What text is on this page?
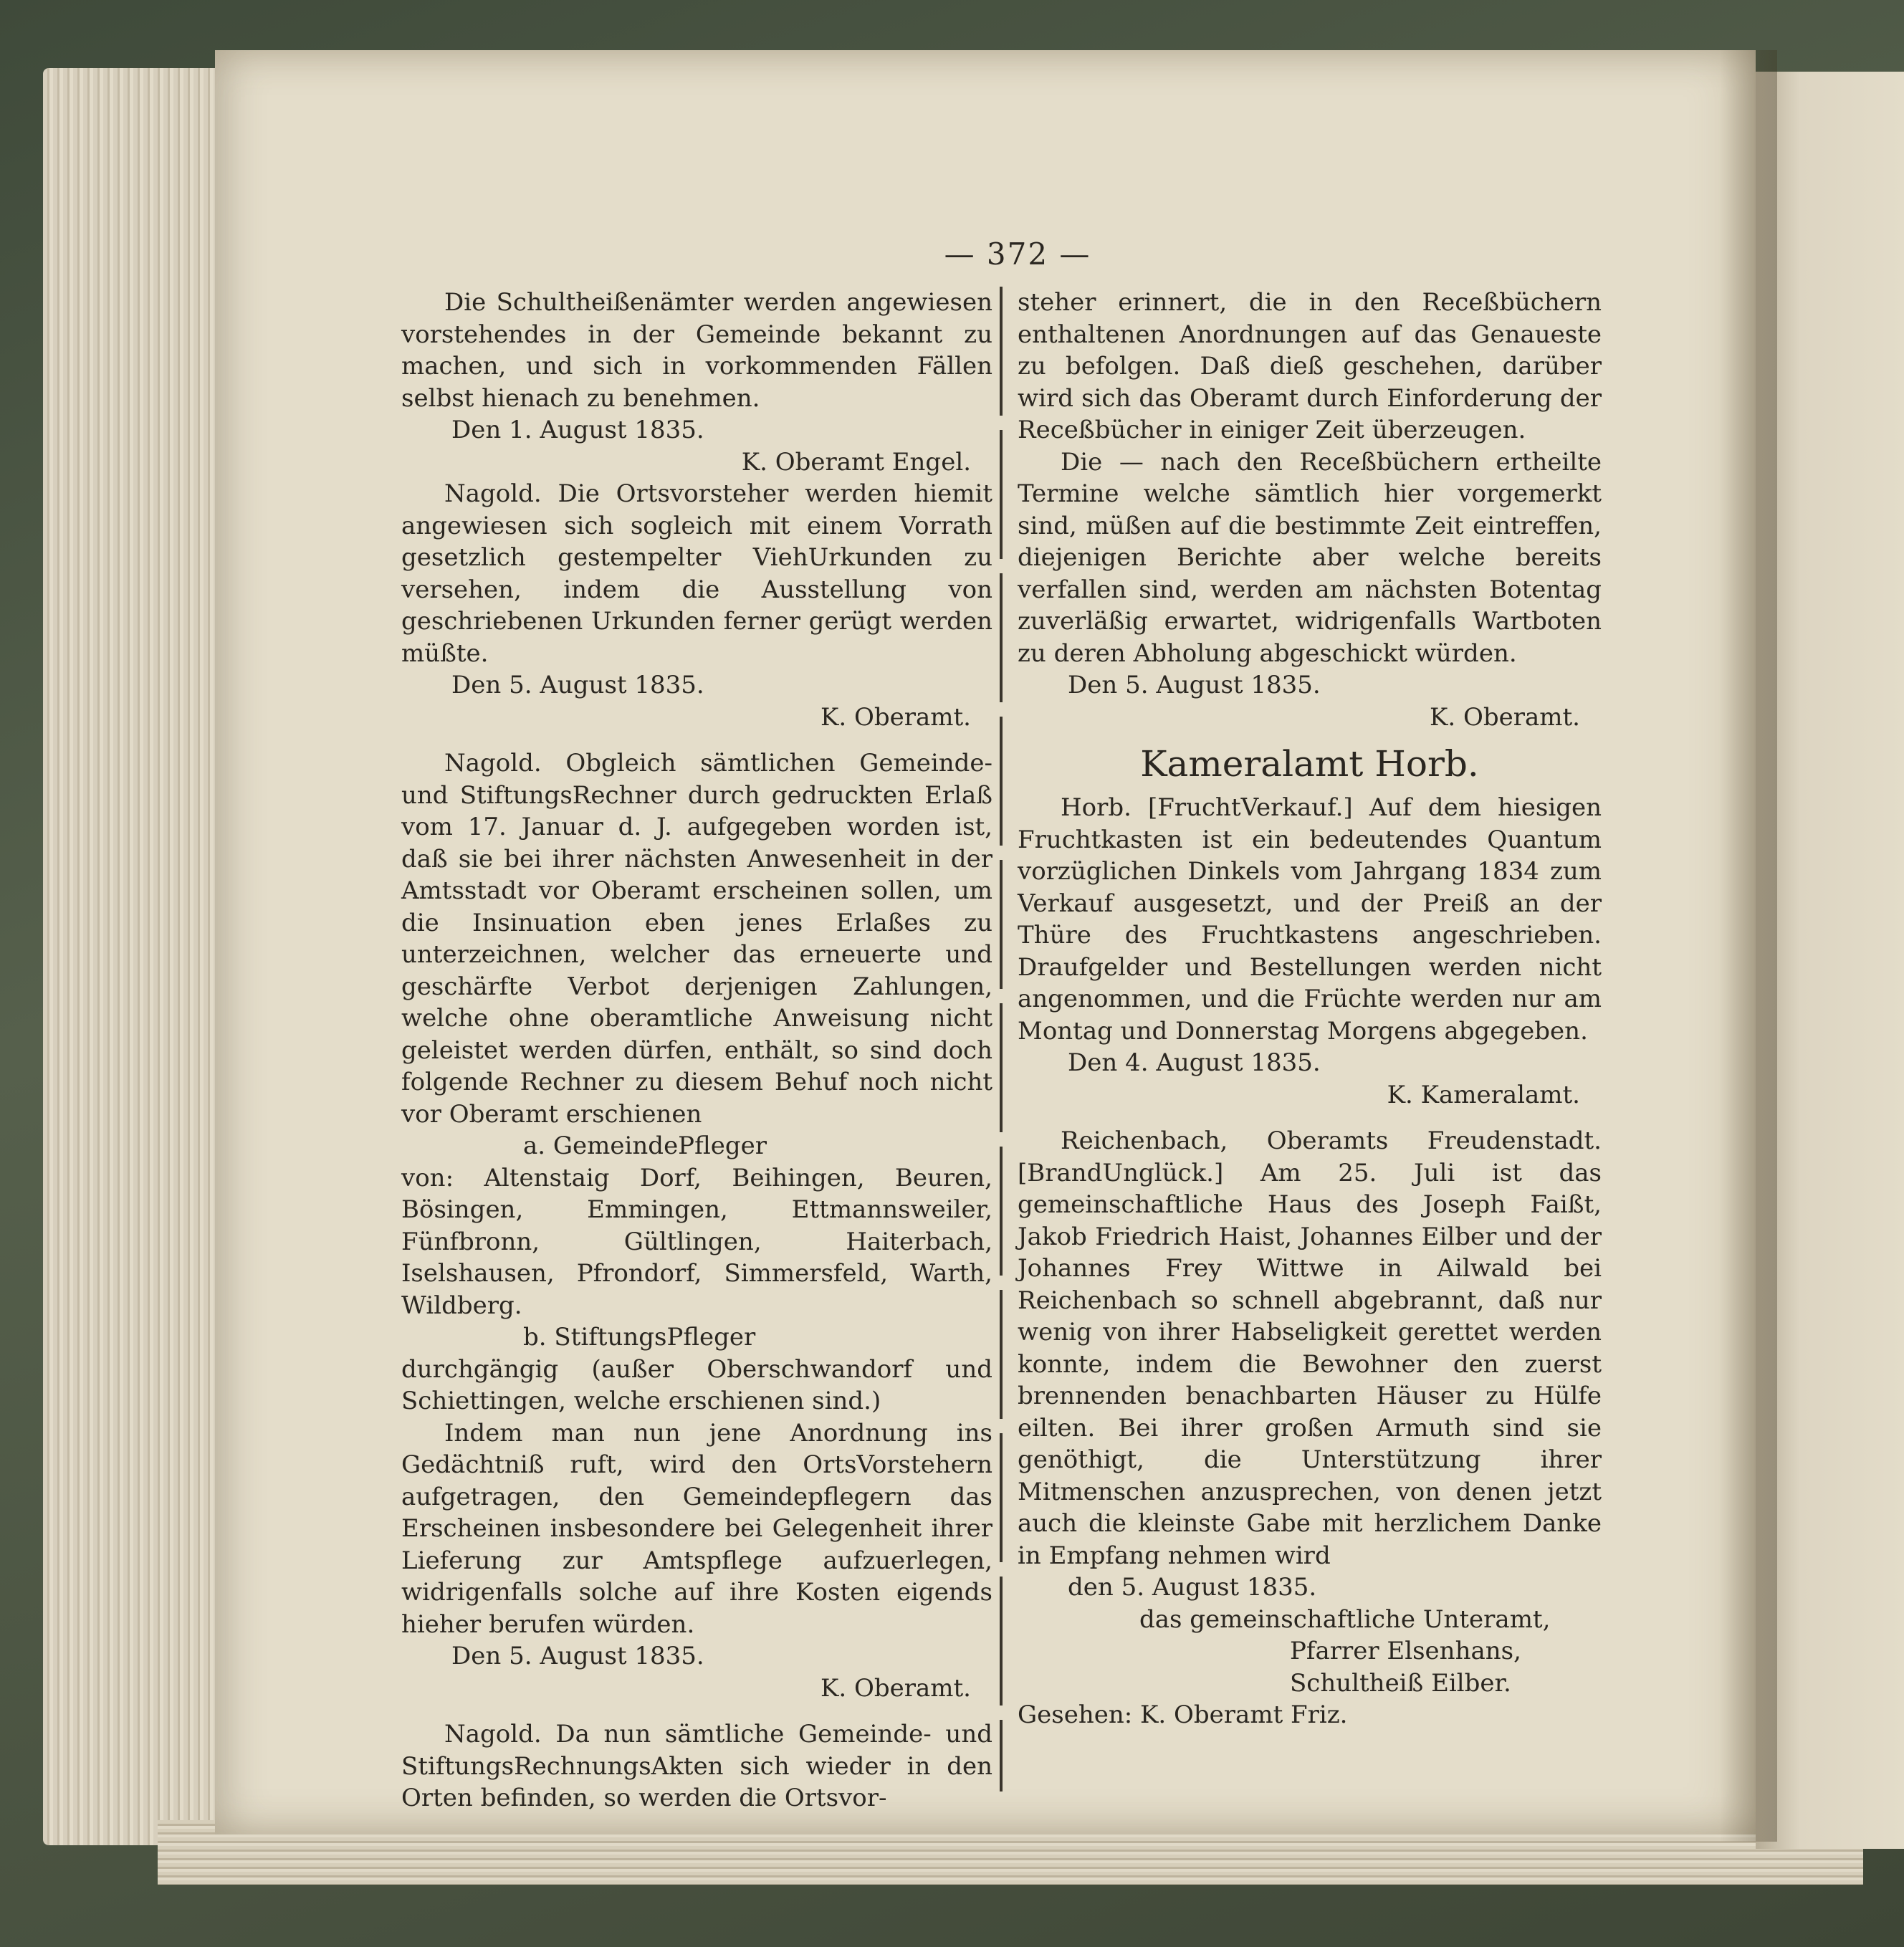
— 372 —

Die Schultheißenämter werden angewiesen vorstehendes in der Gemeinde bekannt zu machen, und sich in vorkommenden Fällen selbst hienach zu benehmen.

Den 1. August 1835.

K. Oberamt Engel.

Nagold. Die Ortsvorsteher werden hiemit angewiesen sich sogleich mit einem Vorrath gesetzlich gestempelter ViehUrkunden zu versehen, indem die Ausstellung von geschriebenen Urkunden ferner gerügt werden müßte.

Den 5. August 1835.

K. Oberamt.

Nagold. Obgleich sämtlichen Gemeinde- und StiftungsRechner durch gedruckten Erlaß vom 17. Januar d. J. aufgegeben worden ist, daß sie bei ihrer nächsten Anwesenheit in der Amtsstadt vor Oberamt erscheinen sollen, um die Insinuation eben jenes Erlaßes zu unterzeichnen, welcher das erneuerte und geschärfte Verbot derjenigen Zahlungen, welche ohne oberamtliche Anweisung nicht geleistet werden dürfen, enthält, so sind doch folgende Rechner zu diesem Behuf noch nicht vor Oberamt erschienen

a. GemeindePfleger

von: Altenstaig Dorf, Beihingen, Beuren, Bösingen, Emmingen, Ettmannsweiler, Fünfbronn, Gültlingen, Haiterbach, Iselshausen, Pfrondorf, Simmersfeld, Warth, Wildberg.

b. StiftungsPfleger

durchgängig (außer Oberschwandorf und Schiettingen, welche erschienen sind.)

Indem man nun jene Anordnung ins Gedächtniß ruft, wird den OrtsVorstehern aufgetragen, den Gemeindepflegern das Erscheinen insbesondere bei Gelegenheit ihrer Lieferung zur Amtspflege aufzuerlegen, widrigenfalls solche auf ihre Kosten eigends hieher berufen würden.

Den 5. August 1835.

K. Oberamt.

Nagold. Da nun sämtliche Gemeinde- und StiftungsRechnungsAkten sich wieder in den Orten befinden, so werden die Ortsvor-

steher erinnert, die in den Receßbüchern enthaltenen Anordnungen auf das Genaueste zu befolgen. Daß dieß geschehen, darüber wird sich das Oberamt durch Einforderung der Receßbücher in einiger Zeit überzeugen.

Die — nach den Receßbüchern ertheilte Termine welche sämtlich hier vorgemerkt sind, müßen auf die bestimmte Zeit eintreffen, diejenigen Berichte aber welche bereits verfallen sind, werden am nächsten Botentag zuverläßig erwartet, widrigenfalls Wartboten zu deren Abholung abgeschickt würden.

Den 5. August 1835.

K. Oberamt.

Kameralamt Horb.

Horb. [FruchtVerkauf.] Auf dem hiesigen Fruchtkasten ist ein bedeutendes Quantum vorzüglichen Dinkels vom Jahrgang 1834 zum Verkauf ausgesetzt, und der Preiß an der Thüre des Fruchtkastens angeschrieben. Draufgelder und Bestellungen werden nicht angenommen, und die Früchte werden nur am Montag und Donnerstag Morgens abgegeben.

Den 4. August 1835.

K. Kameralamt.

Reichenbach, Oberamts Freudenstadt. [BrandUnglück.] Am 25. Juli ist das gemeinschaftliche Haus des Joseph Faißt, Jakob Friedrich Haist, Johannes Eilber und der Johannes Frey Wittwe in Ailwald bei Reichenbach so schnell abgebrannt, daß nur wenig von ihrer Habseligkeit gerettet werden konnte, indem die Bewohner den zuerst brennenden benachbarten Häuser zu Hülfe eilten. Bei ihrer großen Armuth sind sie genöthigt, die Unterstützung ihrer Mitmenschen anzusprechen, von denen jetzt auch die kleinste Gabe mit herzlichem Danke in Empfang nehmen wird

den 5. August 1835.

das gemeinschaftliche Unteramt,

Pfarrer Elsenhans,

Schultheiß Eilber.

Gesehen: K. Oberamt Friz.
